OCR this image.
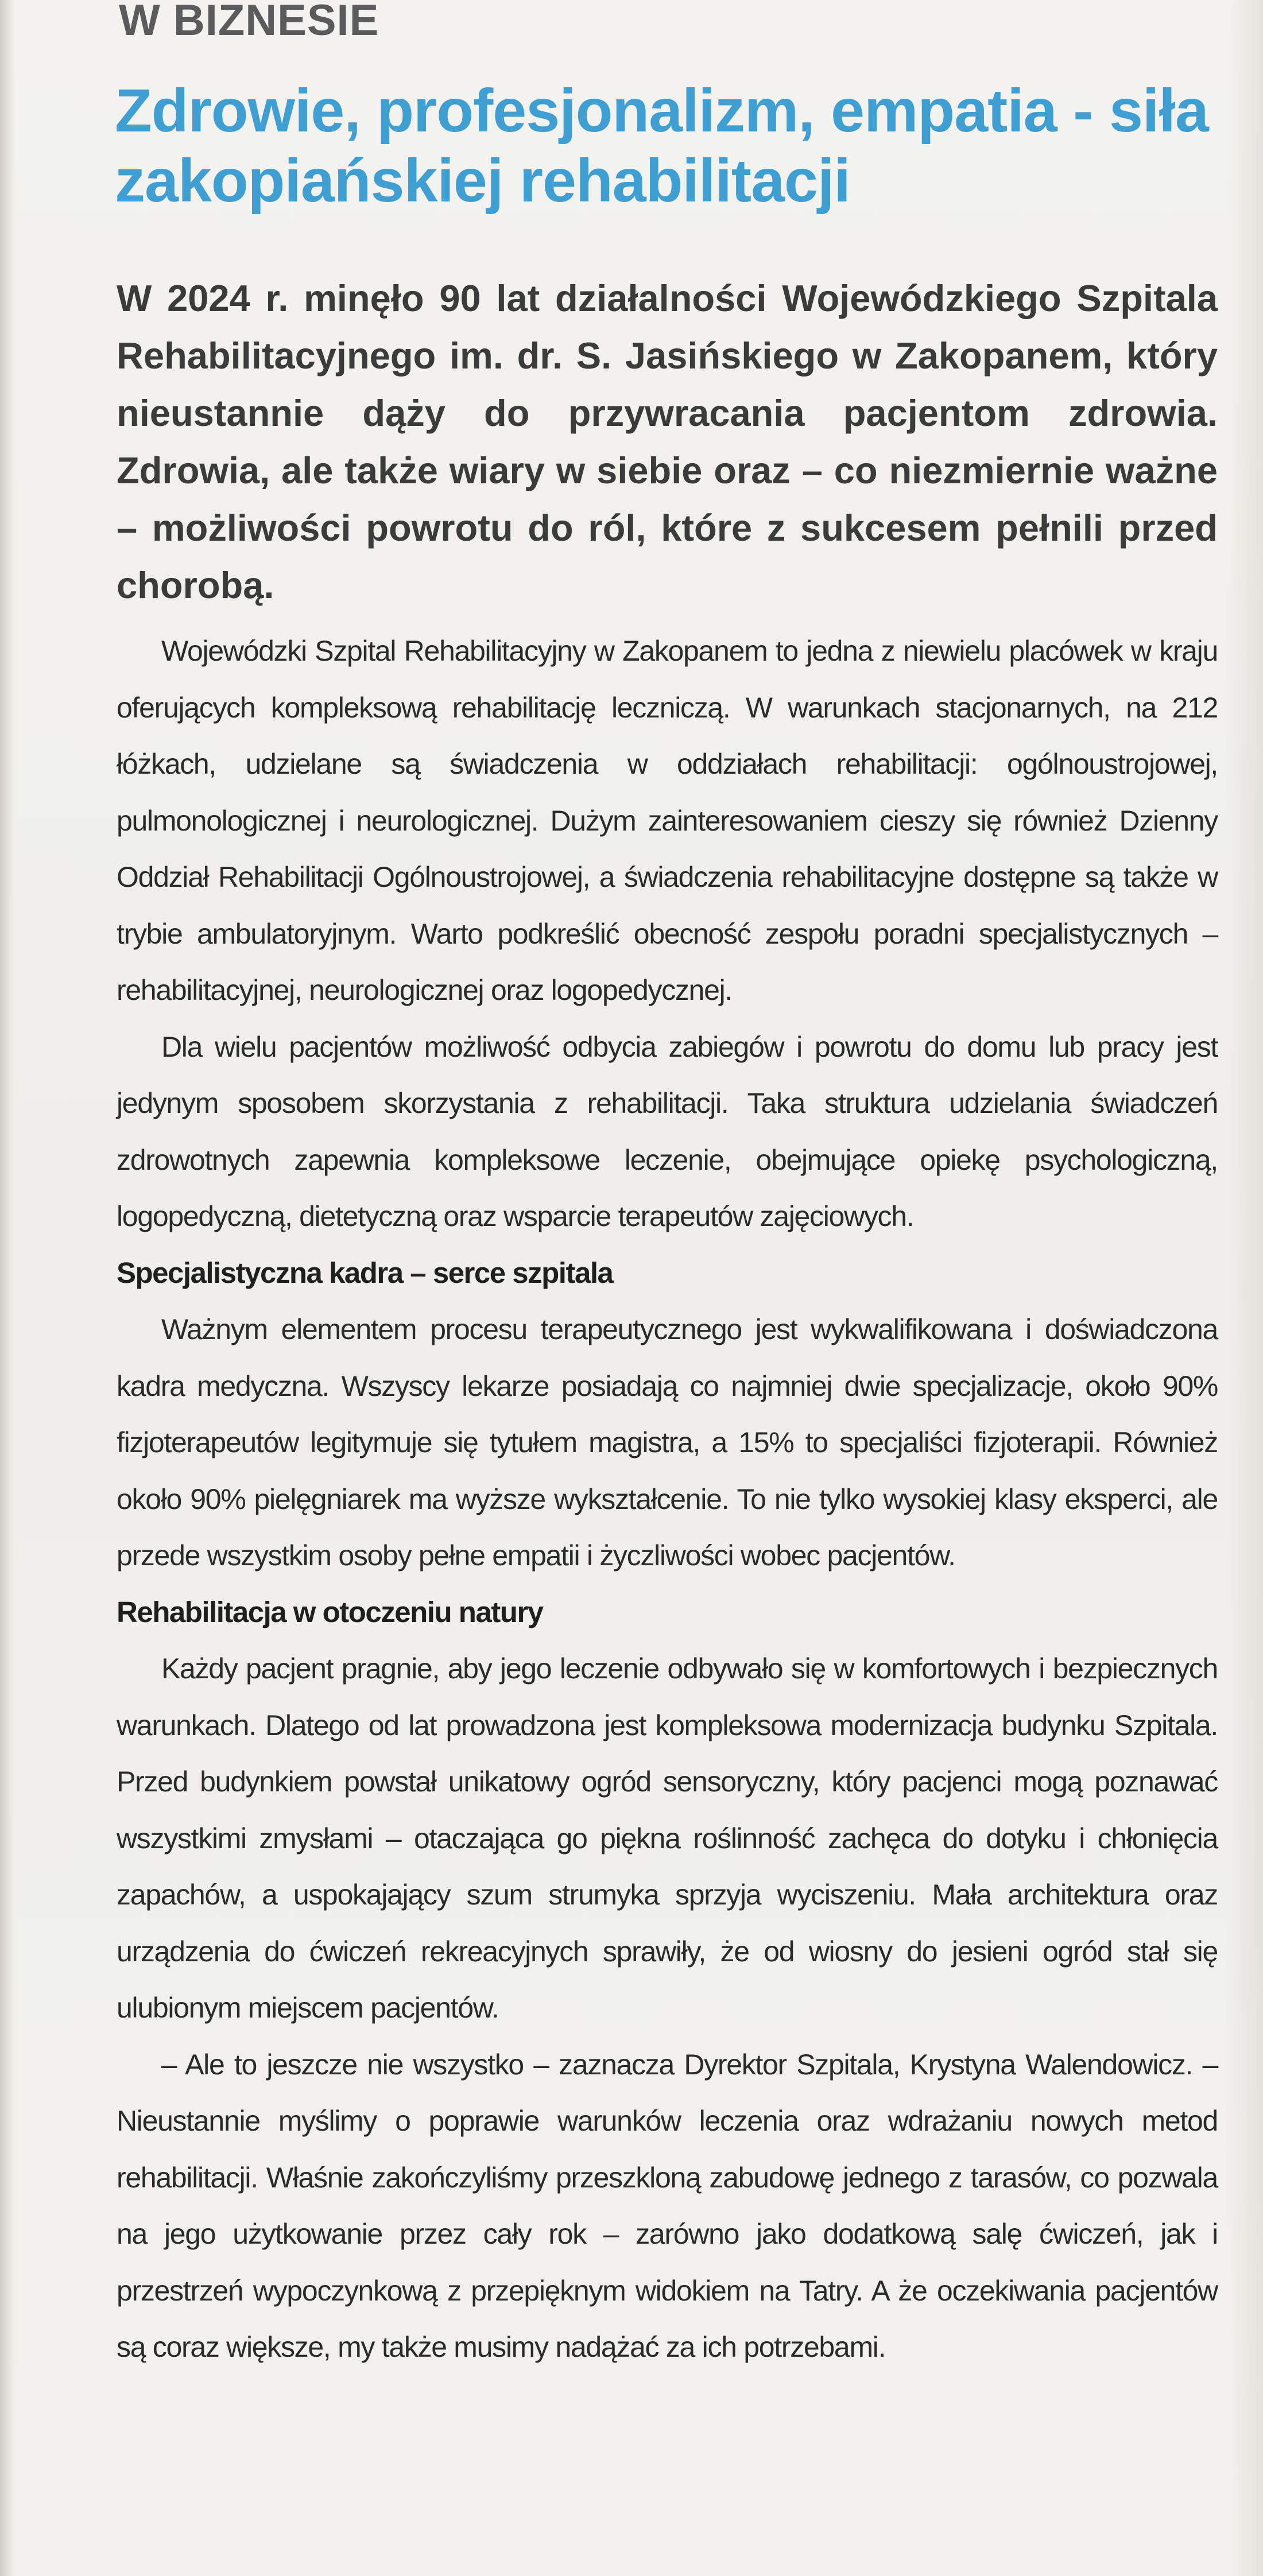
W BIZNESIE
Zdrowie, profesjonalizm, empatia - siła zakopiańskiej rehabilitacji

W 2024 r. minęło 90 lat działalności Wojewódzkiego Szpitala Rehabilitacyjnego im. dr. S. Jasińskiego w Zakopanem, który nieustannie dąży do przywracania pacjentom zdrowia. Zdrowia, ale także wiary w siebie oraz – co niezmiernie ważne – możliwości powrotu do ról, które z sukcesem pełnili przed chorobą.

Wojewódzki Szpital Rehabilitacyjny w Zakopanem to jedna z niewielu placówek w kraju oferujących kompleksową rehabilitację leczniczą. W warunkach stacjonarnych, na 212 łóżkach, udzielane są świadczenia w oddziałach rehabilitacji: ogólnoustrojowej, pulmonologicznej i neurologicznej. Dużym zainteresowaniem cieszy się również Dzienny Oddział Rehabilitacji Ogólnoustrojowej, a świadczenia rehabilitacyjne dostępne są także w trybie ambulatoryjnym. Warto podkreślić obecność zespołu poradni specjalistycznych – rehabilitacyjnej, neurologicznej oraz logopedycznej.

Dla wielu pacjentów możliwość odbycia zabiegów i powrotu do domu lub pracy jest jedynym sposobem skorzystania z rehabilitacji. Taka struktura udzielania świadczeń zdrowotnych zapewnia kompleksowe leczenie, obejmujące opiekę psychologiczną, logopedyczną, dietetyczną oraz wsparcie terapeutów zajęciowych.

Specjalistyczna kadra – serce szpitala

Ważnym elementem procesu terapeutycznego jest wykwalifikowana i doświadczona kadra medyczna. Wszyscy lekarze posiadają co najmniej dwie specjalizacje, około 90% fizjoterapeutów legitymuje się tytułem magistra, a 15% to specjaliści fizjoterapii. Również około 90% pielęgniarek ma wyższe wykształcenie. To nie tylko wysokiej klasy eksperci, ale przede wszystkim osoby pełne empatii i życzliwości wobec pacjentów.

Rehabilitacja w otoczeniu natury

Każdy pacjent pragnie, aby jego leczenie odbywało się w komfortowych i bezpiecznych warunkach. Dlatego od lat prowadzona jest kompleksowa modernizacja budynku Szpitala. Przed budynkiem powstał unikatowy ogród sensoryczny, który pacjenci mogą poznawać wszystkimi zmysłami – otaczająca go piękna roślinność zachęca do dotyku i chłonięcia zapachów, a uspokajający szum strumyka sprzyja wyciszeniu. Mała architektura oraz urządzenia do ćwiczeń rekreacyjnych sprawiły, że od wiosny do jesieni ogród stał się ulubionym miejscem pacjentów.

– Ale to jeszcze nie wszystko – zaznacza Dyrektor Szpitala, Krystyna Walendowicz. – Nieustannie myślimy o poprawie warunków leczenia oraz wdrażaniu nowych metod rehabilitacji. Właśnie zakończyliśmy przeszkloną zabudowę jednego z tarasów, co pozwala na jego użytkowanie przez cały rok – zarówno jako dodatkową salę ćwiczeń, jak i przestrzeń wypoczynkową z przepięknym widokiem na Tatry. A że oczekiwania pacjentów są coraz większe, my także musimy nadążać za ich potrzebami.
